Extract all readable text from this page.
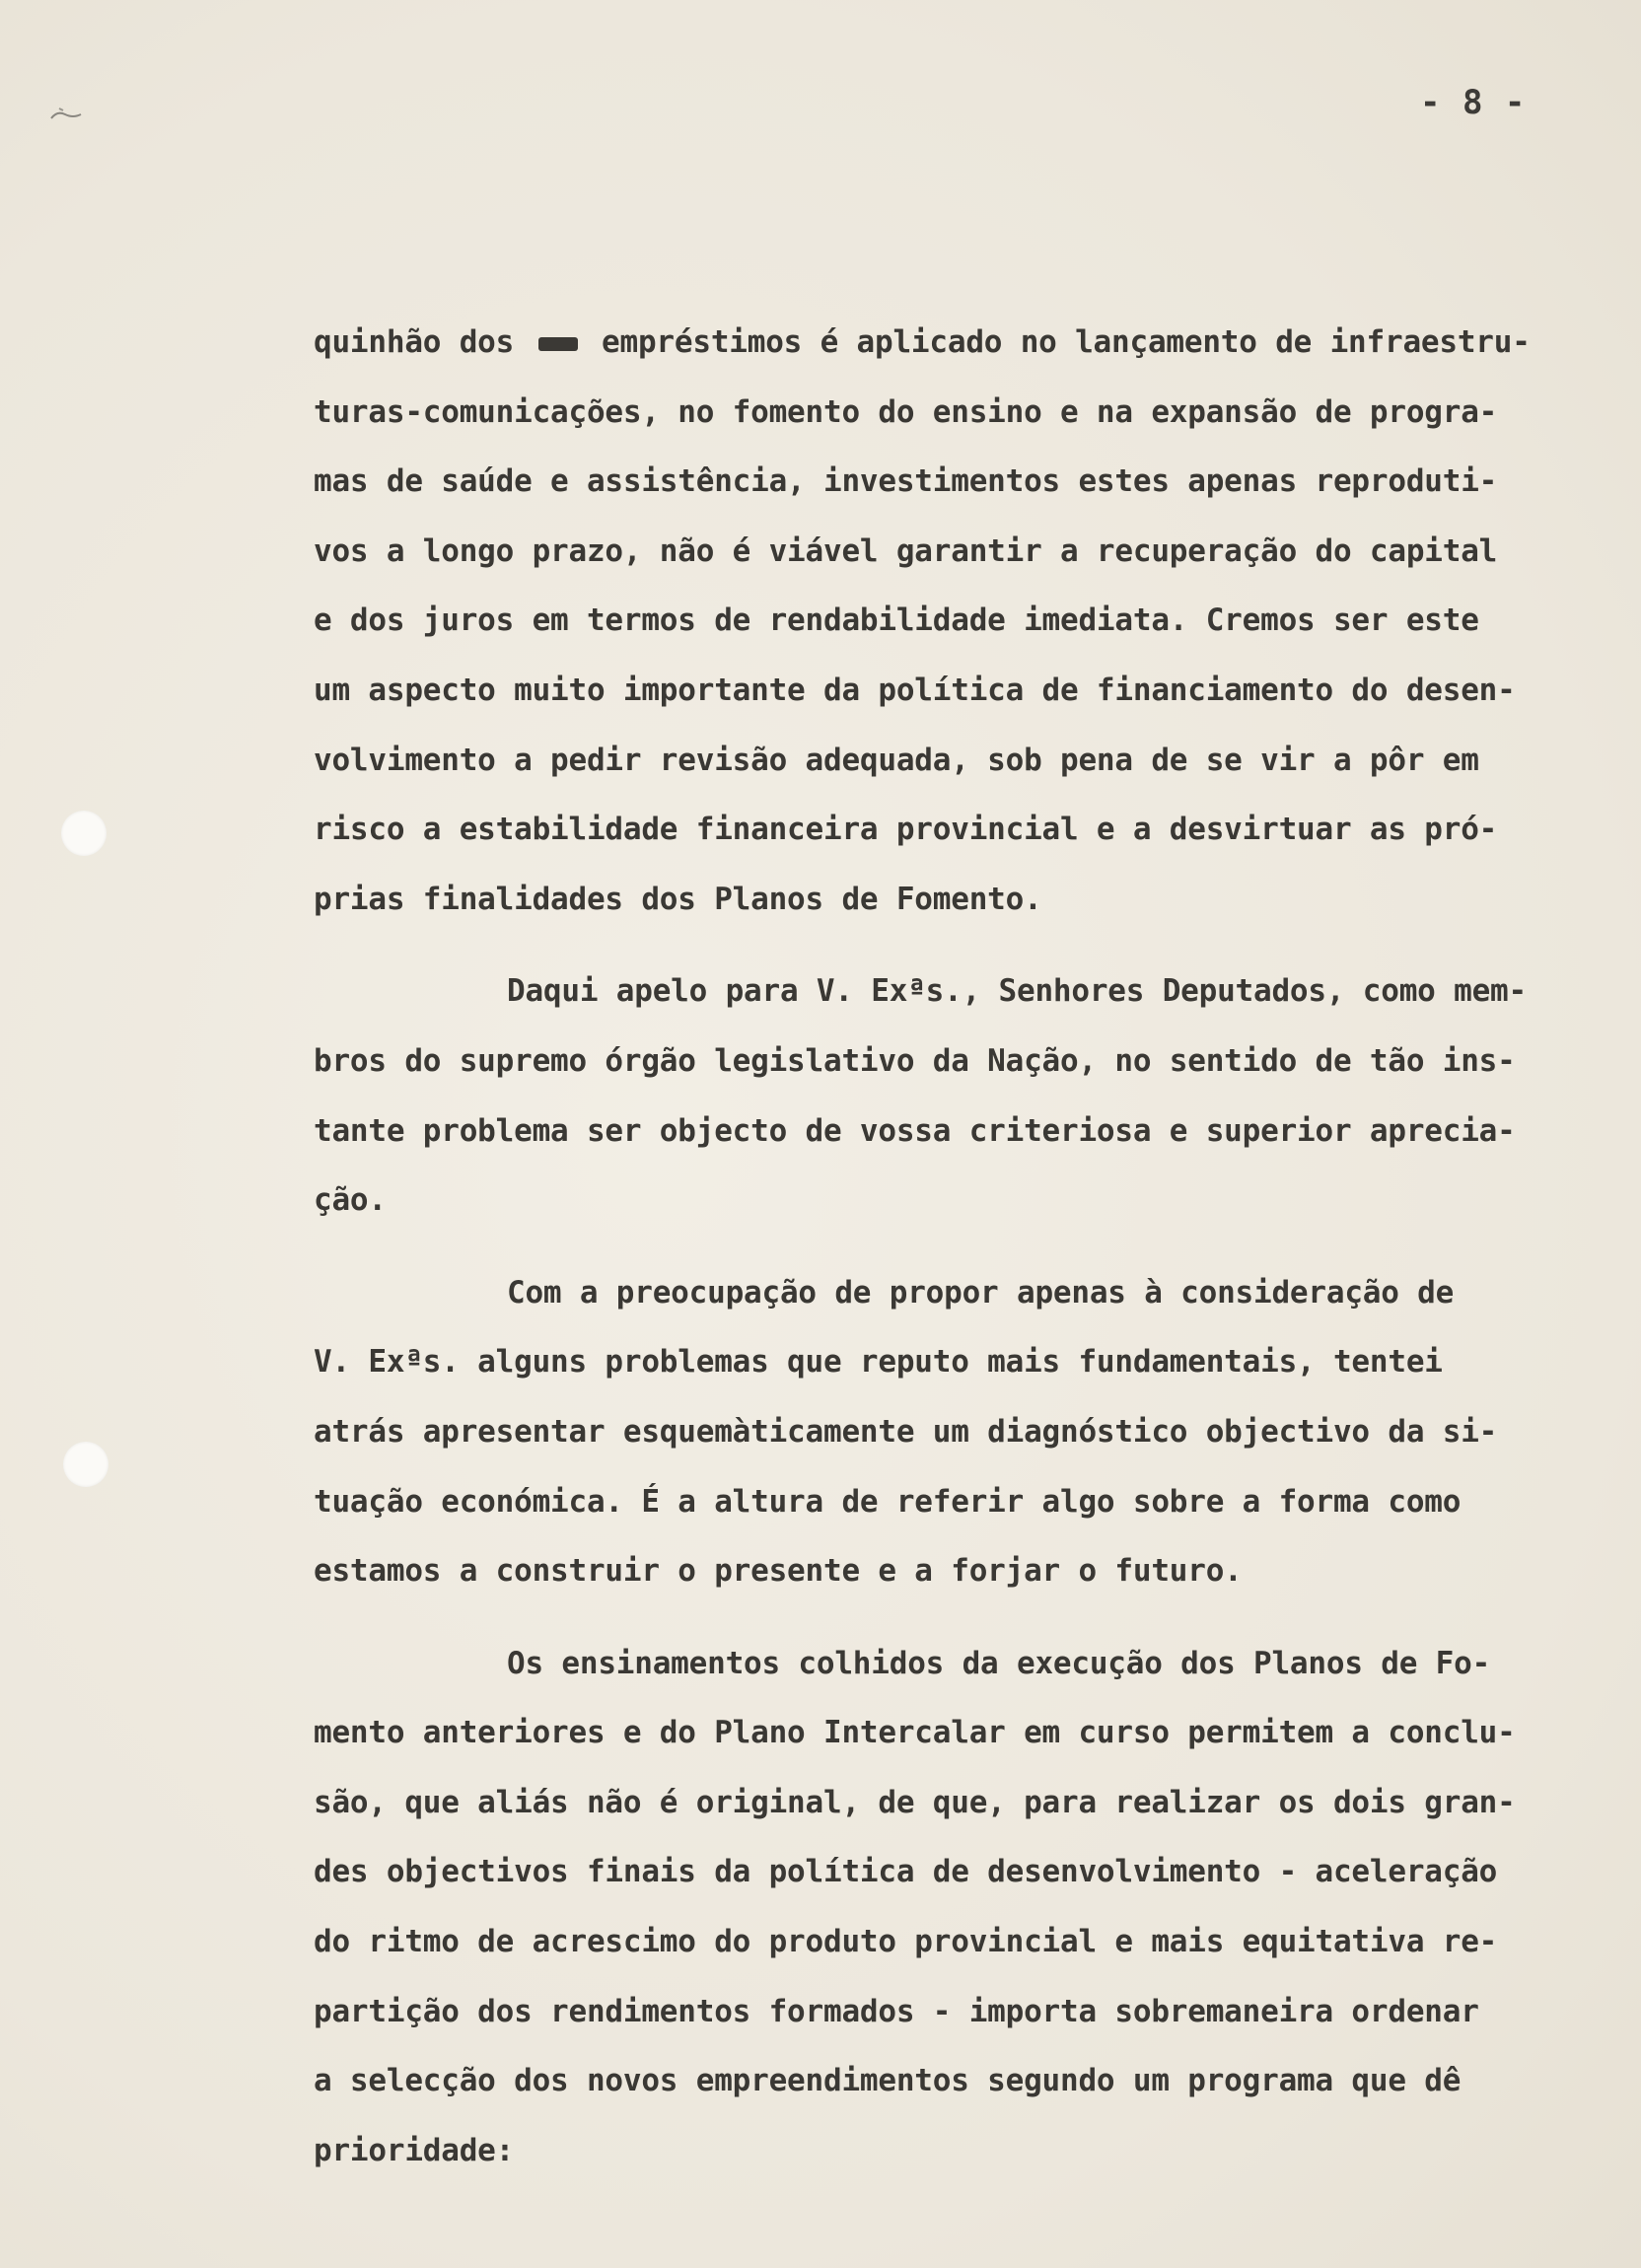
- 8 -

quinhão dos  empréstimos é aplicado no lançamento de infraestru-
turas-comunicações, no fomento do ensino e na expansão de progra-
mas de saúde e assistência, investimentos estes apenas reproduti-
vos a longo prazo, não é viável garantir a recuperação do capital
e dos juros em termos de rendabilidade imediata. Cremos ser este
um aspecto muito importante da política de financiamento do desen-
volvimento a pedir revisão adequada, sob pena de se vir a pôr em
risco a estabilidade financeira provincial e a desvirtuar as pró-
prias finalidades dos Planos de Fomento.

Daqui apelo para V. Exªs., Senhores Deputados, como mem-
bros do supremo órgão legislativo da Nação, no sentido de tão ins-
tante problema ser objecto de vossa criteriosa e superior aprecia-
ção.

Com a preocupação de propor apenas à consideração de
V. Exªs. alguns problemas que reputo mais fundamentais, tentei
atrás apresentar esquemàticamente um diagnóstico objectivo da si-
tuação económica. É a altura de referir algo sobre a forma como
estamos a construir o presente e a forjar o futuro.

Os ensinamentos colhidos da execução dos Planos de Fo-
mento anteriores e do Plano Intercalar em curso permitem a conclu-
são, que aliás não é original, de que, para realizar os dois gran-
des objectivos finais da política de desenvolvimento - aceleração
do ritmo de acrescimo do produto provincial e mais equitativa re-
partição dos rendimentos formados - importa sobremaneira ordenar
a selecção dos novos empreendimentos segundo um programa que dê
prioridade:
